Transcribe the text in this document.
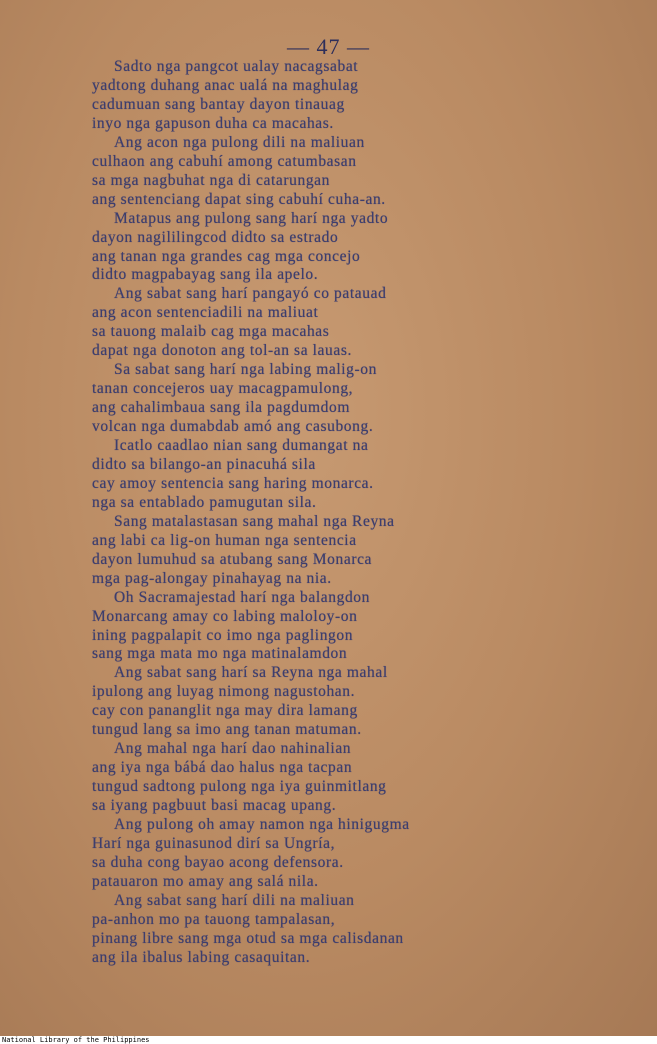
— 47 —
Sadto nga pangcot ualay nacagsabat
yadtong duhang anac ualá na maghulag
cadumuan sang bantay dayon tinauag
inyo nga gapuson duha ca macahas.
Ang acon nga pulong dili na maliuan
culhaon ang cabuhí among catumbasan
sa mga nagbuhat nga di catarungan
ang sentenciang dapat sing cabuhí cuha-an.
Matapus ang pulong sang harí nga yadto
dayon nagililingcod didto sa estrado
ang tanan nga grandes cag mga concejo
didto magpabayag sang ila apelo.
Ang sabat sang harí pangayó co patauad
ang acon sentenciadili na maliuat
sa tauong malaib cag mga macahas
dapat nga donoton ang tol-an sa lauas.
Sa sabat sang harí nga labing malig-on
tanan concejeros uay macagpamulong,
ang cahalimbaua sang ila pagdumdom
volcan nga dumabdab amó ang casubong.
Icatlo caadlao nian sang dumangat na
didto sa bilango-an pinacuhá sila
cay amoy sentencia sang haring monarca.
nga sa entablado pamugutan sila.
Sang matalastasan sang mahal nga Reyna
ang labi ca lig-on human nga sentencia
dayon lumuhud sa atubang sang Monarca
mga pag-alongay pinahayag na nia.
Oh Sacramajestad harí nga balangdon
Monarcang amay co labing maloloy-on
ining pagpalapit co imo nga paglingon
sang mga mata mo nga matinalamdon
Ang sabat sang harí sa Reyna nga mahal
ipulong ang luyag nimong nagustohan.
cay con pananglit nga may dira lamang
tungud lang sa imo ang tanan matuman.
Ang mahal nga harí dao nahinalian
ang iya nga bábá dao halus nga tacpan
tungud sadtong pulong nga iya guinmitlang
sa iyang pagbuut basi macag upang.
Ang pulong oh amay namon nga hinigugma
Harí nga guinasunod dirí sa Ungría,
sa duha cong bayao acong defensora.
patauaron mo amay ang salá nila.
Ang sabat sang harí dili na maliuan
pa-anhon mo pa tauong tampalasan,
pinang libre sang mga otud sa mga calisdanan
ang ila ibalus labing casaquitan.
National Library of the Philippines
